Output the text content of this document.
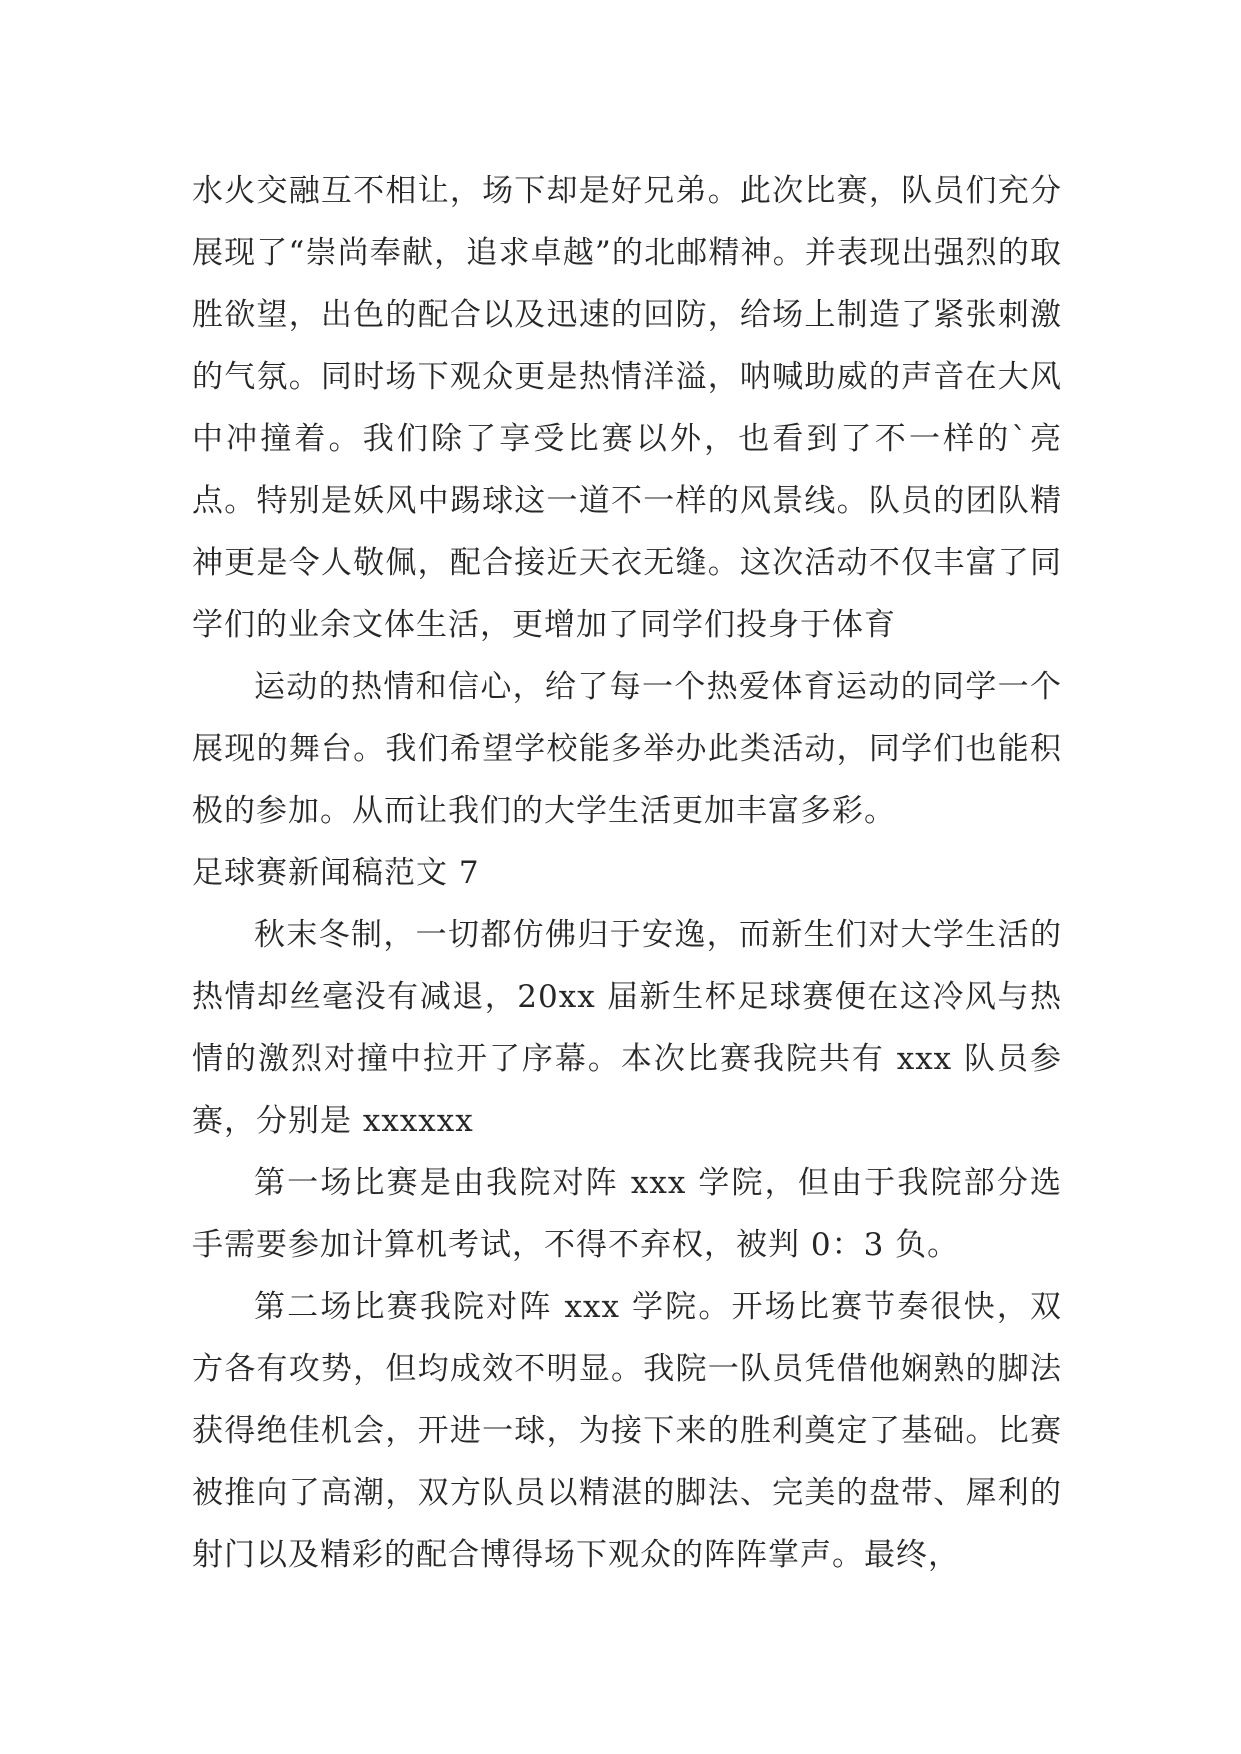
水火交融互不相让，场下却是好兄弟。此次比赛，队员们充分展现了“崇尚奉献，追求卓越”的北邮精神。并表现出强烈的取胜欲望，出色的配合以及迅速的回防，给场上制造了紧张刺激的气氛。同时场下观众更是热情洋溢，呐喊助威的声音在大风中冲撞着。我们除了享受比赛以外，也看到了不一样的`亮点。特别是妖风中踢球这一道不一样的风景线。队员的团队精神更是令人敬佩，配合接近天衣无缝。这次活动不仅丰富了同学们的业余文体生活，更增加了同学们投身于体育

运动的热情和信心，给了每一个热爱体育运动的同学一个展现的舞台。我们希望学校能多举办此类活动，同学们也能积极的参加。从而让我们的大学生活更加丰富多彩。

足球赛新闻稿范文 7

秋末冬制，一切都仿佛归于安逸，而新生们对大学生活的热情却丝毫没有减退，20xx 届新生杯足球赛便在这冷风与热情的激烈对撞中拉开了序幕。本次比赛我院共有 xxx 队员参赛，分别是 xxxxxx

第一场比赛是由我院对阵 xxx 学院，但由于我院部分选手需要参加计算机考试，不得不弃权，被判 0：3 负。

第二场比赛我院对阵 xxx 学院。开场比赛节奏很快，双方各有攻势，但均成效不明显。我院一队员凭借他娴熟的脚法获得绝佳机会，开进一球，为接下来的胜利奠定了基础。比赛被推向了高潮，双方队员以精湛的脚法、完美的盘带、犀利的射门以及精彩的配合博得场下观众的阵阵掌声。最终，
